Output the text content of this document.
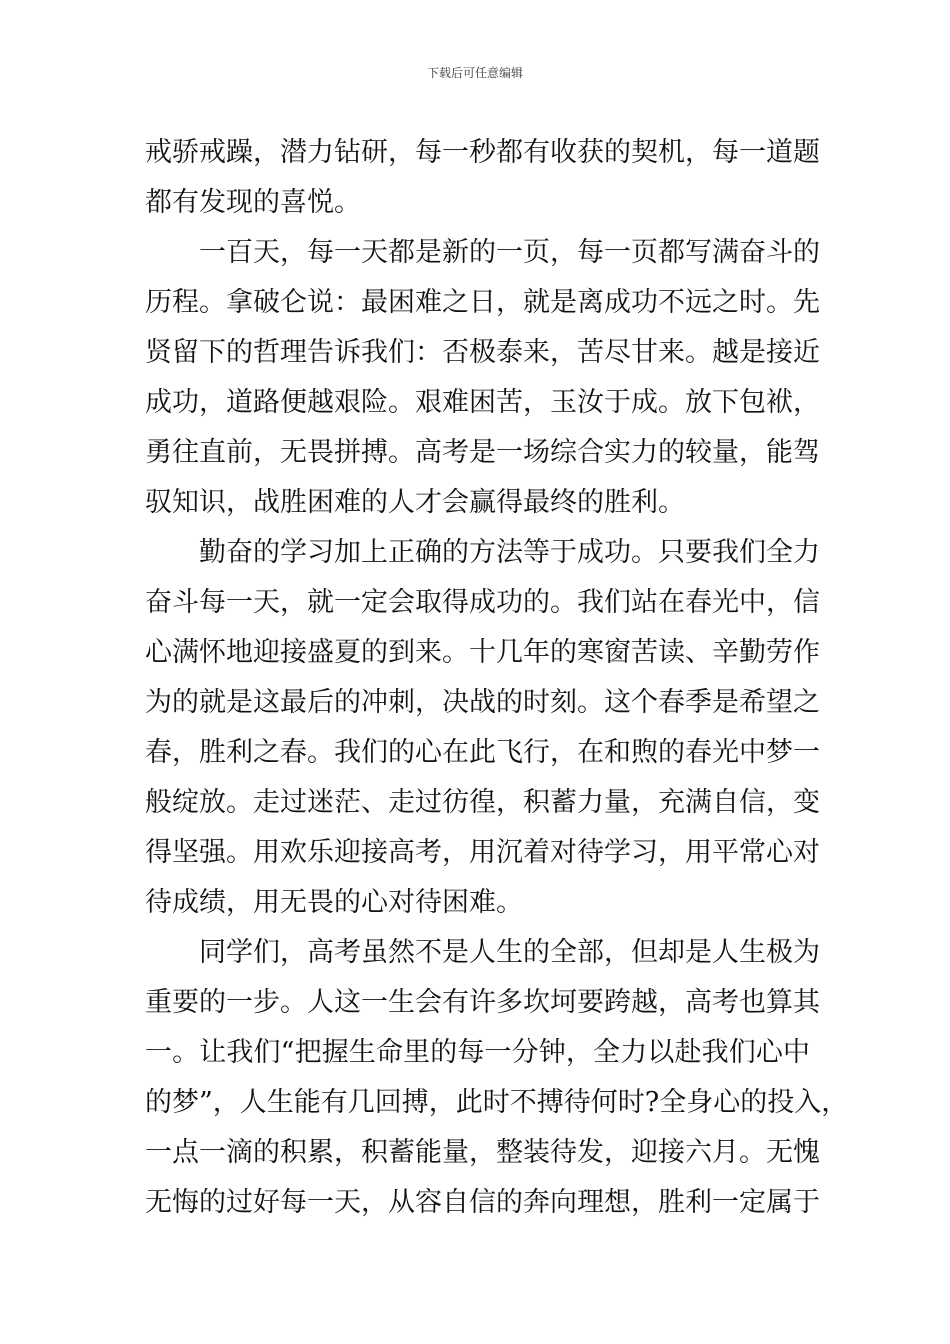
下载后可任意编辑
戒骄戒躁，潜力钻研，每一秒都有收获的契机，每一道题
都有发现的喜悦。
一百天，每一天都是新的一页，每一页都写满奋斗的
历程。拿破仑说：最困难之日，就是离成功不远之时。先
贤留下的哲理告诉我们：否极泰来，苦尽甘来。越是接近
成功，道路便越艰险。艰难困苦，玉汝于成。放下包袱，
勇往直前，无畏拼搏。高考是一场综合实力的较量，能驾
驭知识，战胜困难的人才会赢得最终的胜利。
勤奋的学习加上正确的方法等于成功。只要我们全力
奋斗每一天，就一定会取得成功的。我们站在春光中，信
心满怀地迎接盛夏的到来。十几年的寒窗苦读、辛勤劳作
为的就是这最后的冲刺，决战的时刻。这个春季是希望之
春，胜利之春。我们的心在此飞行，在和煦的春光中梦一
般绽放。走过迷茫、走过彷徨，积蓄力量，充满自信，变
得坚强。用欢乐迎接高考，用沉着对待学习，用平常心对
待成绩，用无畏的心对待困难。
同学们，高考虽然不是人生的全部，但却是人生极为
重要的一步。人这一生会有许多坎坷要跨越，高考也算其
一。让我们“把握生命里的每一分钟，全力以赴我们心中
的梦”，人生能有几回搏，此时不搏待何时?全身心的投入，
一点一滴的积累，积蓄能量，整装待发，迎接六月。无愧
无悔的过好每一天，从容自信的奔向理想，胜利一定属于
